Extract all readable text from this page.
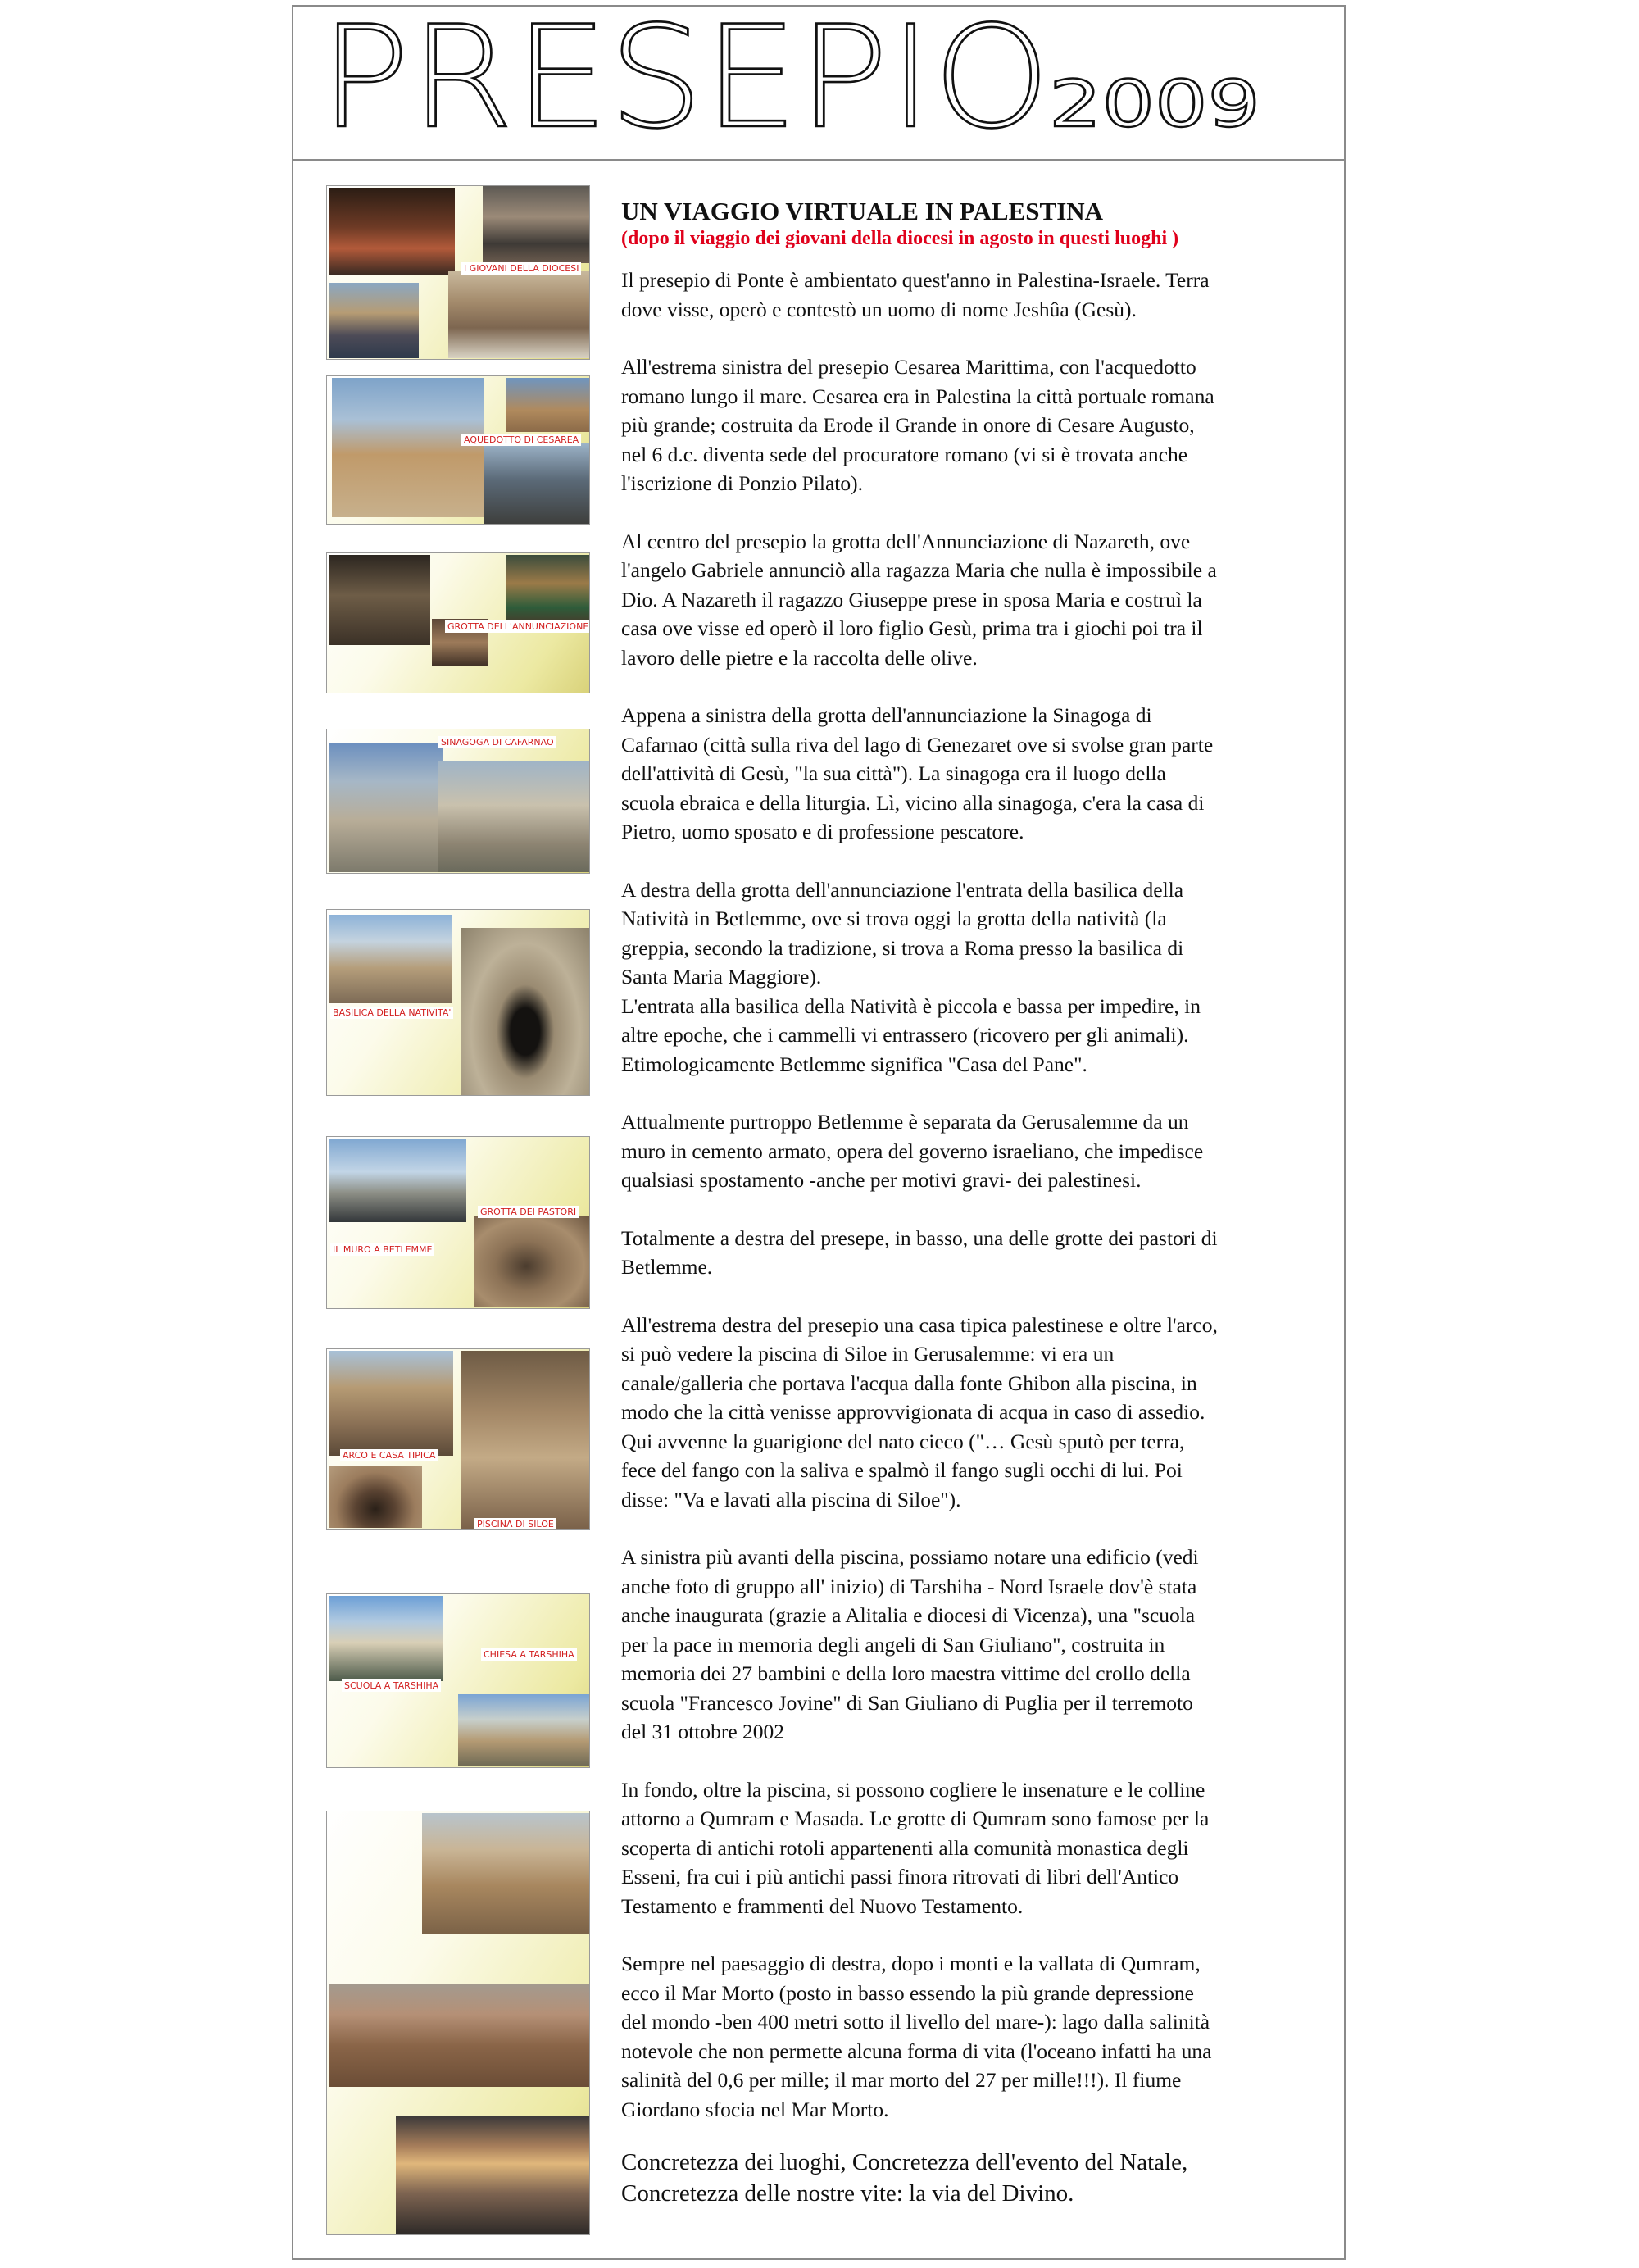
PRESEPIO
2009
I GIOVANI DELLA DIOCESI
AQUEDOTTO DI CESAREA
GROTTA DELL'ANNUNCIAZIONE
SINAGOGA DI CAFARNAO
BASILICA DELLA NATIVITA'
GROTTA DEI PASTORI
IL MURO A BETLEMME
ARCO E CASA TIPICA
PISCINA DI SILOE
CHIESA A TARSHIHA
SCUOLA A TARSHIHA

UN VIAGGIO VIRTUALE IN PALESTINA

(dopo il viaggio dei giovani della diocesi in agosto in questi luoghi )

Il presepio di Ponte è ambientato quest'anno in Palestina-Israele. Terra
dove visse, operò e contestò un uomo di nome Jeshûa (Gesù).

All'estrema sinistra del presepio Cesarea Marittima, con l'acquedotto
romano lungo il mare. Cesarea era in Palestina la città portuale romana
più grande; costruita da Erode il Grande in onore di Cesare Augusto,
nel 6 d.c. diventa sede del procuratore romano (vi si è trovata anche
l'iscrizione di Ponzio Pilato).

Al centro del presepio la grotta dell'Annunciazione di Nazareth, ove
l'angelo Gabriele annunciò alla ragazza Maria che nulla è impossibile a
Dio. A Nazareth il ragazzo Giuseppe prese in sposa Maria e costruì la
casa ove visse ed operò il loro figlio Gesù, prima tra i giochi poi tra il
lavoro delle pietre e la raccolta delle olive.

Appena a sinistra della grotta dell'annunciazione la Sinagoga di
Cafarnao (città sulla riva del lago di Genezaret ove si svolse gran parte
dell'attività di Gesù, "la sua città"). La sinagoga era il luogo della
scuola ebraica e della liturgia. Lì, vicino alla sinagoga, c'era la casa di
Pietro, uomo sposato e di professione pescatore.

A destra della grotta dell'annunciazione l'entrata della basilica della
Natività in Betlemme, ove si trova oggi la grotta della natività (la
greppia, secondo la tradizione, si trova a Roma presso la basilica di
Santa Maria Maggiore).
L'entrata alla basilica della Natività è piccola e bassa per impedire, in
altre epoche, che i cammelli vi entrassero (ricovero per gli animali).
Etimologicamente Betlemme significa "Casa del Pane".

Attualmente purtroppo Betlemme è separata da Gerusalemme da un
muro in cemento armato, opera del governo israeliano, che impedisce
qualsiasi spostamento -anche per motivi gravi- dei palestinesi.

Totalmente a destra del presepe, in basso, una delle grotte dei pastori di
Betlemme.

All'estrema destra del presepio una casa tipica palestinese e oltre l'arco,
si può vedere la piscina di Siloe in Gerusalemme: vi era un
canale/galleria che portava l'acqua dalla fonte Ghibon alla piscina, in
modo che la città venisse approvvigionata di acqua in caso di assedio.
Qui avvenne la guarigione del nato cieco ("… Gesù sputò per terra,
fece del fango con la saliva e spalmò il fango sugli occhi di lui. Poi
disse: "Va e lavati alla piscina di Siloe").

A sinistra più avanti della piscina, possiamo notare una edificio (vedi
anche foto di gruppo all' inizio) di Tarshiha - Nord Israele dov'è stata
anche inaugurata (grazie a Alitalia e diocesi di Vicenza), una "scuola
per la pace in memoria degli angeli di San Giuliano", costruita in
memoria dei 27 bambini e della loro maestra vittime del crollo della
scuola "Francesco Jovine" di San Giuliano di Puglia per il terremoto
del 31 ottobre 2002

In fondo, oltre la piscina, si possono cogliere le insenature e le colline
attorno a Qumram e Masada. Le grotte di Qumram sono famose per la
scoperta di antichi rotoli appartenenti alla comunità monastica degli
Esseni, fra cui i più antichi passi finora ritrovati di libri dell'Antico
Testamento e frammenti del Nuovo Testamento.

Sempre nel paesaggio di destra, dopo i monti e la vallata di Qumram,
ecco il Mar Morto (posto in basso essendo la più grande depressione
del mondo -ben 400 metri sotto il livello del mare-): lago dalla salinità
notevole che non permette alcuna forma di vita (l'oceano infatti ha una
salinità del 0,6 per mille; il mar morto del 27 per mille!!!). Il fiume
Giordano sfocia nel Mar Morto.

Concretezza dei luoghi, Concretezza dell'evento del Natale,
Concretezza delle nostre vite: la via del Divino.
